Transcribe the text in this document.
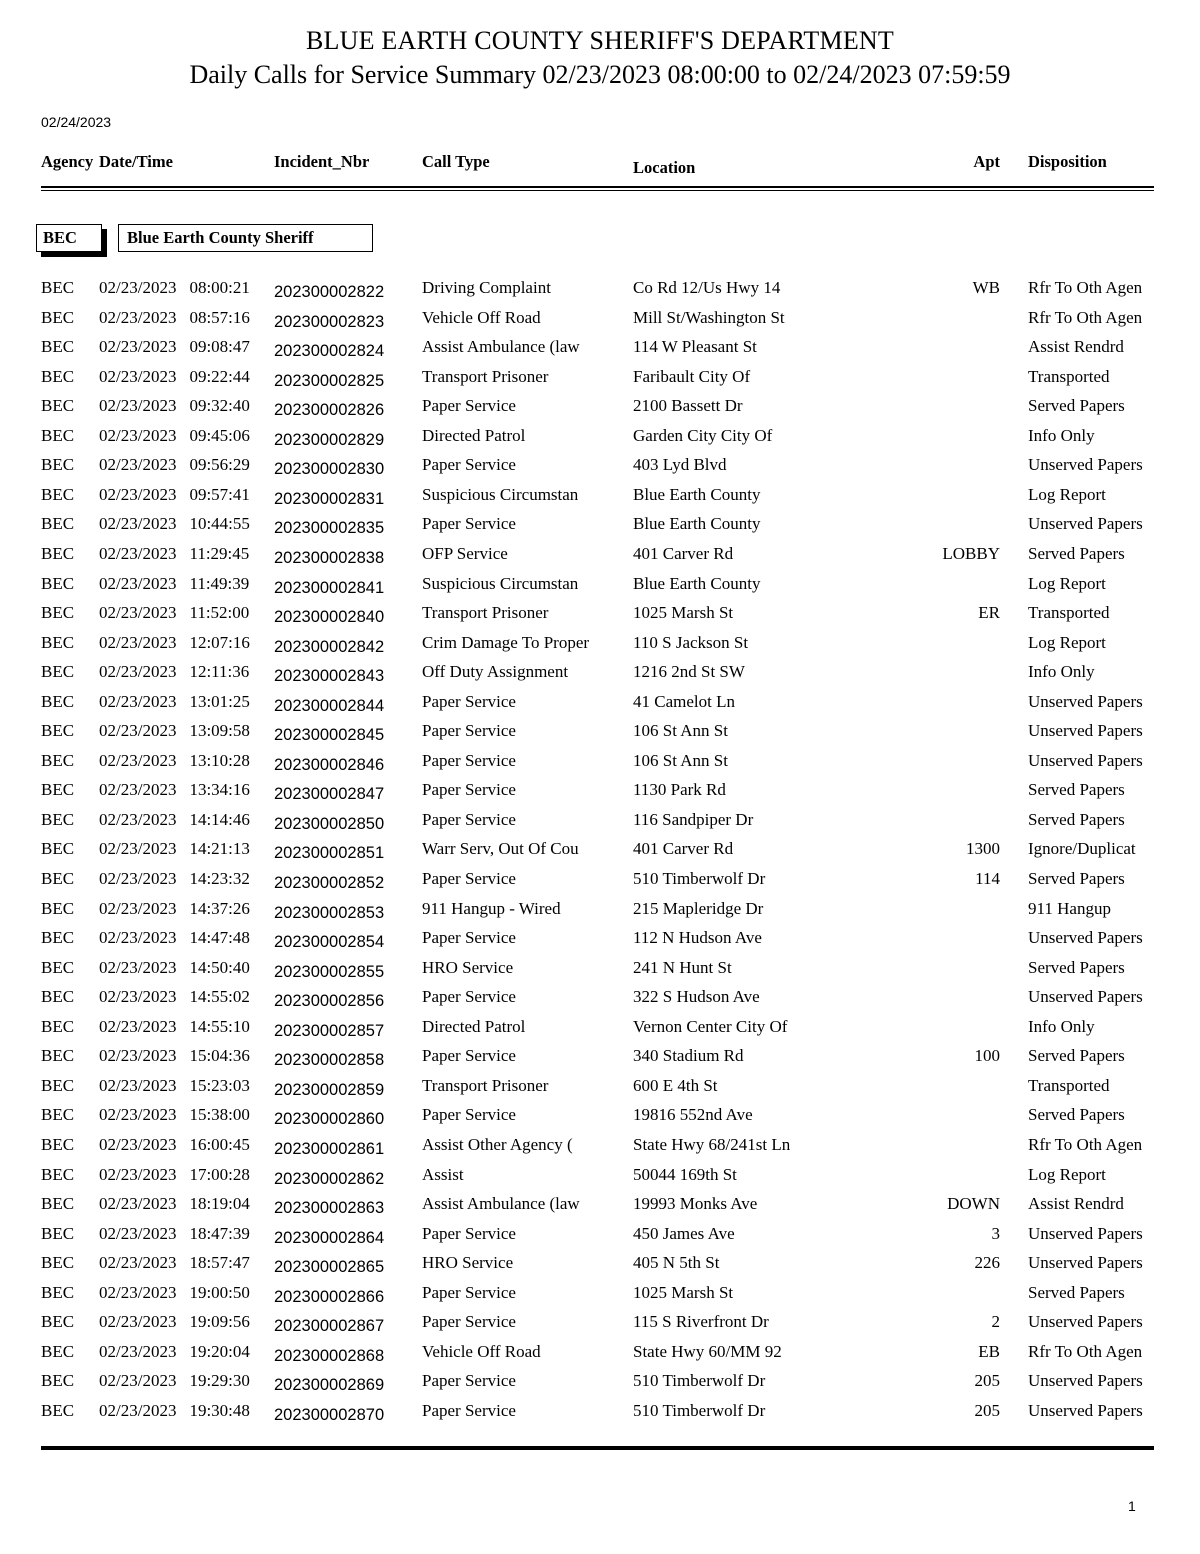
BLUE EARTH COUNTY SHERIFF'S DEPARTMENT
Daily Calls for Service Summary 02/23/2023 08:00:00 to 02/24/2023 07:59:59
02/24/2023
Agency Date/Time	Incident_Nbr	Call Type	Location	Apt Disposition
BEC	Blue Earth County Sheriff
BEC 02/23/2023 08:00:21 202300002822 Driving Complaint	Co Rd 12/Us Hwy 14	WB Rfr To Oth Agen
BEC 02/23/2023 08:57:16 202300002823 Vehicle Off Road	Mill St/Washington St	Rfr To Oth Agen
BEC 02/23/2023 09:08:47 202300002824 Assist Ambulance (law	114 W Pleasant St	Assist Rendrd
BEC 02/23/2023 09:22:44 202300002825 Transport Prisoner	Faribault City Of	Transported
BEC 02/23/2023 09:32:40 202300002826 Paper Service	2100 Bassett Dr	Served Papers
BEC 02/23/2023 09:45:06 202300002829 Directed Patrol	Garden City City Of	Info Only
BEC 02/23/2023 09:56:29 202300002830 Paper Service	403 Lyd Blvd	Unserved Papers
BEC 02/23/2023 09:57:41 202300002831 Suspicious Circumstan	Blue Earth County	Log Report
BEC 02/23/2023 10:44:55 202300002835 Paper Service	Blue Earth County	Unserved Papers
BEC 02/23/2023 11:29:45 202300002838 OFP Service	401 Carver Rd	LOBBY Served Papers
BEC 02/23/2023 11:49:39 202300002841 Suspicious Circumstan	Blue Earth County	Log Report
BEC 02/23/2023 11:52:00 202300002840 Transport Prisoner	1025 Marsh St	ER Transported
BEC 02/23/2023 12:07:16 202300002842 Crim Damage To Proper	110 S Jackson St	Log Report
BEC 02/23/2023 12:11:36 202300002843 Off Duty Assignment	1216 2nd St SW	Info Only
BEC 02/23/2023 13:01:25 202300002844 Paper Service	41 Camelot Ln	Unserved Papers
BEC 02/23/2023 13:09:58 202300002845 Paper Service	106 St Ann St	Unserved Papers
BEC 02/23/2023 13:10:28 202300002846 Paper Service	106 St Ann St	Unserved Papers
BEC 02/23/2023 13:34:16 202300002847 Paper Service	1130 Park Rd	Served Papers
BEC 02/23/2023 14:14:46 202300002850 Paper Service	116 Sandpiper Dr	Served Papers
BEC 02/23/2023 14:21:13 202300002851 Warr Serv, Out Of Cou	401 Carver Rd	1300 Ignore/Duplicat
BEC 02/23/2023 14:23:32 202300002852 Paper Service	510 Timberwolf Dr	114 Served Papers
BEC 02/23/2023 14:37:26 202300002853 911 Hangup - Wired	215 Mapleridge Dr	911 Hangup
BEC 02/23/2023 14:47:48 202300002854 Paper Service	112 N Hudson Ave	Unserved Papers
BEC 02/23/2023 14:50:40 202300002855 HRO Service	241 N Hunt St	Served Papers
BEC 02/23/2023 14:55:02 202300002856 Paper Service	322 S Hudson Ave	Unserved Papers
BEC 02/23/2023 14:55:10 202300002857 Directed Patrol	Vernon Center City Of	Info Only
BEC 02/23/2023 15:04:36 202300002858 Paper Service	340 Stadium Rd	100 Served Papers
BEC 02/23/2023 15:23:03 202300002859 Transport Prisoner	600 E 4th St	Transported
BEC 02/23/2023 15:38:00 202300002860 Paper Service	19816 552nd Ave	Served Papers
BEC 02/23/2023 16:00:45 202300002861 Assist Other Agency (	State Hwy 68/241st Ln	Rfr To Oth Agen
BEC 02/23/2023 17:00:28 202300002862 Assist	50044 169th St	Log Report
BEC 02/23/2023 18:19:04 202300002863 Assist Ambulance (law	19993 Monks Ave	DOWN Assist Rendrd
BEC 02/23/2023 18:47:39 202300002864 Paper Service	450 James Ave	3 Unserved Papers
BEC 02/23/2023 18:57:47 202300002865 HRO Service	405 N 5th St	226 Unserved Papers
BEC 02/23/2023 19:00:50 202300002866 Paper Service	1025 Marsh St	Served Papers
BEC 02/23/2023 19:09:56 202300002867 Paper Service	115 S Riverfront Dr	2 Unserved Papers
BEC 02/23/2023 19:20:04 202300002868 Vehicle Off Road	State Hwy 60/MM 92	EB Rfr To Oth Agen
BEC 02/23/2023 19:29:30 202300002869 Paper Service	510 Timberwolf Dr	205 Unserved Papers
BEC 02/23/2023 19:30:48 202300002870 Paper Service	510 Timberwolf Dr	205 Unserved Papers
1
